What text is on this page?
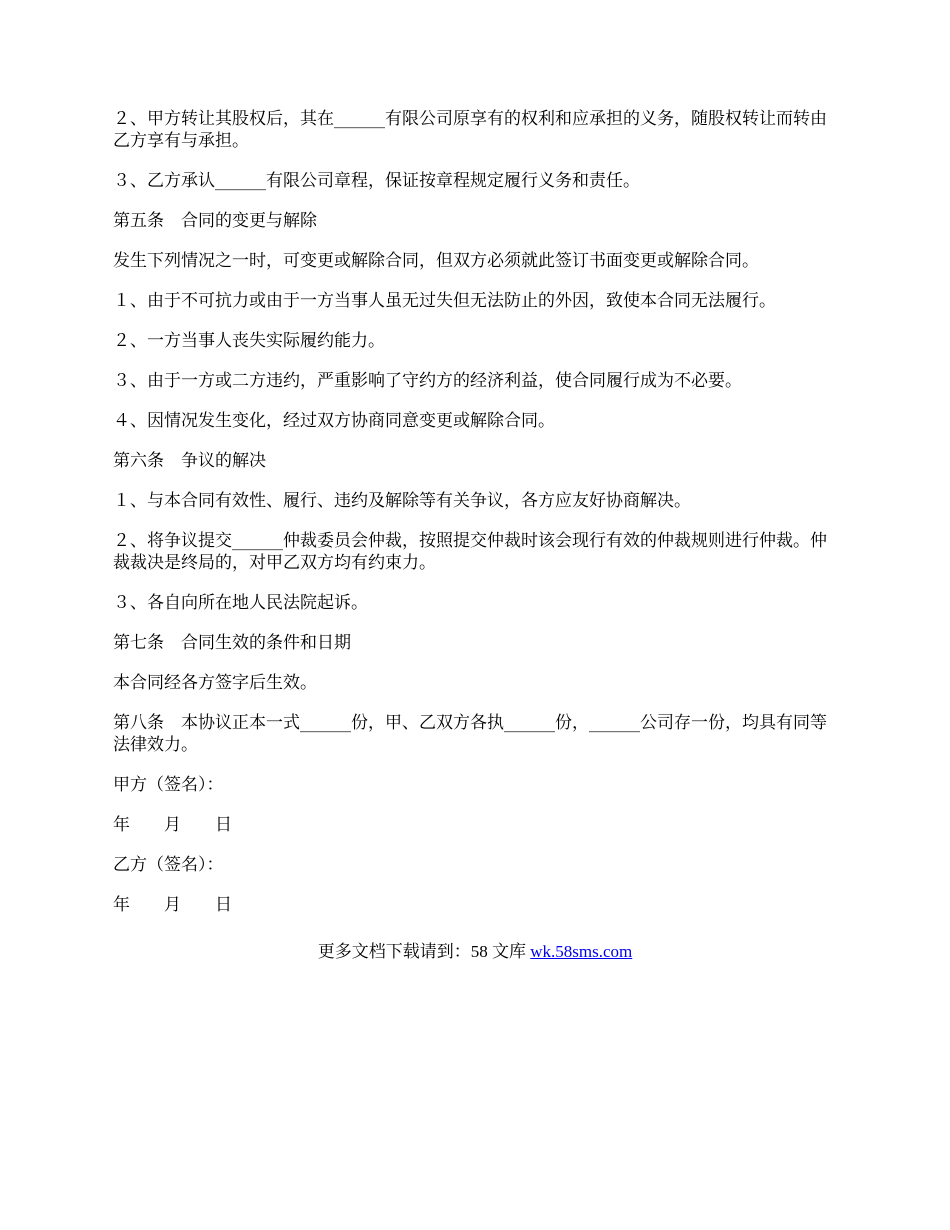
２、甲方转让其股权后，其在______有限公司原享有的权利和应承担的义务，随股权转让而转由乙方享有与承担。

３、乙方承认______有限公司章程，保证按章程规定履行义务和责任。

第五条　合同的变更与解除

发生下列情况之一时，可变更或解除合同，但双方必须就此签订书面变更或解除合同。

１、由于不可抗力或由于一方当事人虽无过失但无法防止的外因，致使本合同无法履行。

２、一方当事人丧失实际履约能力。

３、由于一方或二方违约，严重影响了守约方的经济利益，使合同履行成为不必要。

４、因情况发生变化，经过双方协商同意变更或解除合同。

第六条　争议的解决

１、与本合同有效性、履行、违约及解除等有关争议，各方应友好协商解决。

２、将争议提交______仲裁委员会仲裁，按照提交仲裁时该会现行有效的仲裁规则进行仲裁。仲裁裁决是终局的，对甲乙双方均有约束力。

３、各自向所在地人民法院起诉。

第七条　合同生效的条件和日期

本合同经各方签字后生效。

第八条　本协议正本一式______份，甲、乙双方各执______份，______公司存一份，均具有同等法律效力。

甲方（签名）：

年　　月　　日

乙方（签名）：

年　　月　　日

更多文档下载请到：58 文库 wk.58sms.com
